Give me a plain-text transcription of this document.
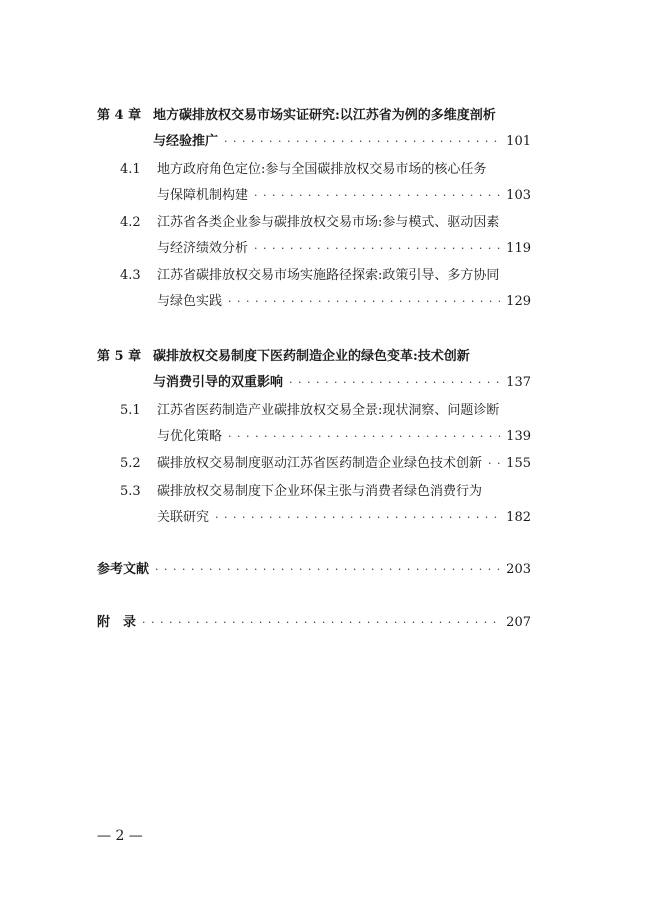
第 4 章 地方碳排放权交易市场实证研究:以江苏省为例的多维度剖析
与经验推广 · · ·	101
4.1	地方政府角色定位:参与全国碳排放权交易市场的核心任务
与保障机制构建 · · ·	103
4.2	江苏省各类企业参与碳排放权交易市场:参与模式、驱动因素
与经济绩效分析 · · ·	119
4.3	江苏省碳排放权交易市场实施路径探索:政策引导、多方协同
与绿色实践 · · ·	129
第 5 章 碳排放权交易制度下医药制造企业的绿色变革:技术创新
与消费引导的双重影响 · · ·	137
5.1	江苏省医药制造产业碳排放权交易全景:现状洞察、问题诊断
与优化策略 · · ·	139
5.2	碳排放权交易制度驱动江苏省医药制造企业绿色技术创新 · · · 155
5.3	碳排放权交易制度下企业环保主张与消费者绿色消费行为
关联研究 · · ·	182
参考文献 · · ·	203
附　录 · · ·	207
— 2 —
